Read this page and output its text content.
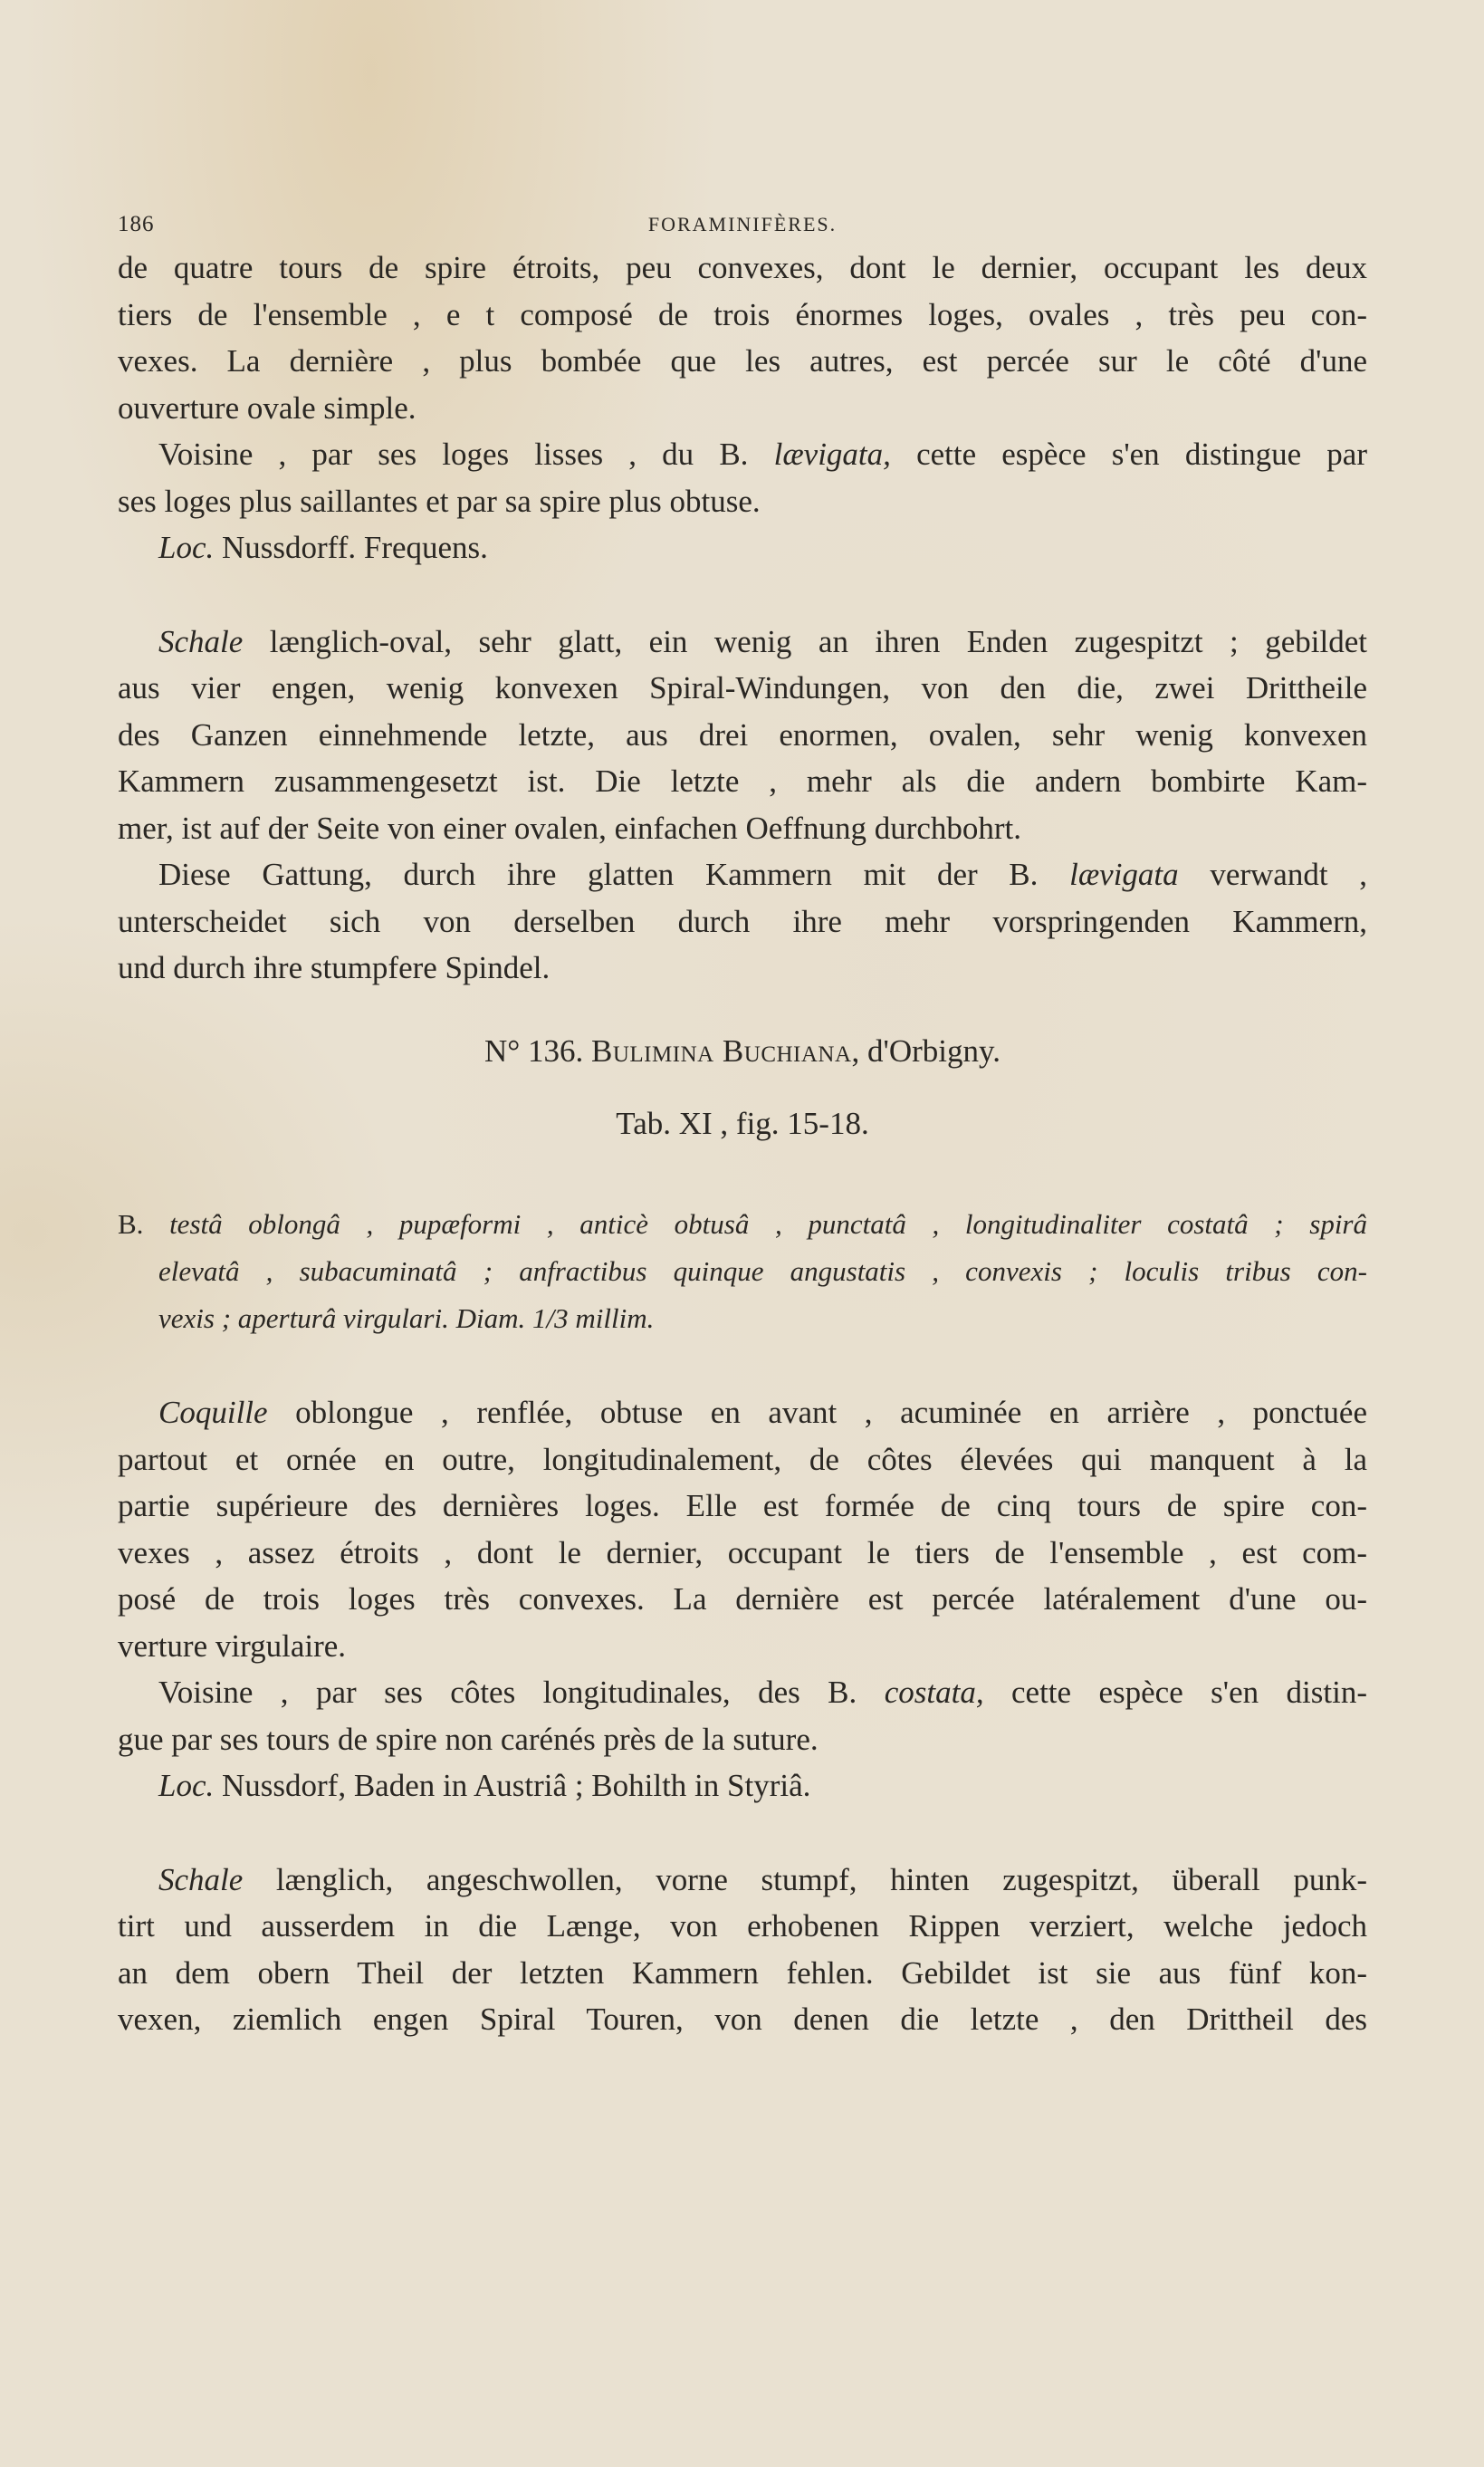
186	FORAMINIFÈRES.

de quatre tours de spire étroits, peu convexes, dont le dernier, occupant les deux
tiers de l'ensemble , e t composé de trois énormes loges, ovales , très peu con-
vexes. La dernière , plus bombée que les autres, est percée sur le côté d'une
ouverture ovale simple.

Voisine , par ses loges lisses , du B. lævigata, cette espèce s'en distingue par
ses loges plus saillantes et par sa spire plus obtuse.

Loc. Nussdorff. Frequens.

Schale længlich-oval, sehr glatt, ein wenig an ihren Enden zugespitzt ; gebildet
aus vier engen, wenig konvexen Spiral-Windungen, von den die, zwei Drittheile
des Ganzen einnehmende letzte, aus drei enormen, ovalen, sehr wenig konvexen
Kammern zusammengesetzt ist. Die letzte , mehr als die andern bombirte Kam-
mer, ist auf der Seite von einer ovalen, einfachen Oeffnung durchbohrt.

Diese Gattung, durch ihre glatten Kammern mit der B. lævigata verwandt ,
unterscheidet sich von derselben durch ihre mehr vorspringenden Kammern,
und durch ihre stumpfere Spindel.

N° 136. Bulimina Buchiana, d'Orbigny.
Tab. XI , fig. 15-18.
B. testâ oblongâ , pupæformi , anticè obtusâ , punctatâ , longitudinaliter costatâ ; spirâ
elevatâ , subacuminatâ ; anfractibus quinque angustatis , convexis ; loculis tribus con-
vexis ; aperturâ virgulari. Diam. 1/3 millim.

Coquille oblongue , renflée, obtuse en avant , acuminée en arrière , ponctuée
partout et ornée en outre, longitudinalement, de côtes élevées qui manquent à la
partie supérieure des dernières loges. Elle est formée de cinq tours de spire con-
vexes , assez étroits , dont le dernier, occupant le tiers de l'ensemble , est com-
posé de trois loges très convexes. La dernière est percée latéralement d'une ou-
verture virgulaire.

Voisine , par ses côtes longitudinales, des B. costata, cette espèce s'en distin-
gue par ses tours de spire non carénés près de la suture.

Loc. Nussdorf, Baden in Austriâ ; Bohilth in Styriâ.

Schale længlich, angeschwollen, vorne stumpf, hinten zugespitzt, überall punk-
tirt und ausserdem in die Længe, von erhobenen Rippen verziert, welche jedoch
an dem obern Theil der letzten Kammern fehlen. Gebildet ist sie aus fünf kon-
vexen, ziemlich engen Spiral Touren, von denen die letzte , den Drittheil des
